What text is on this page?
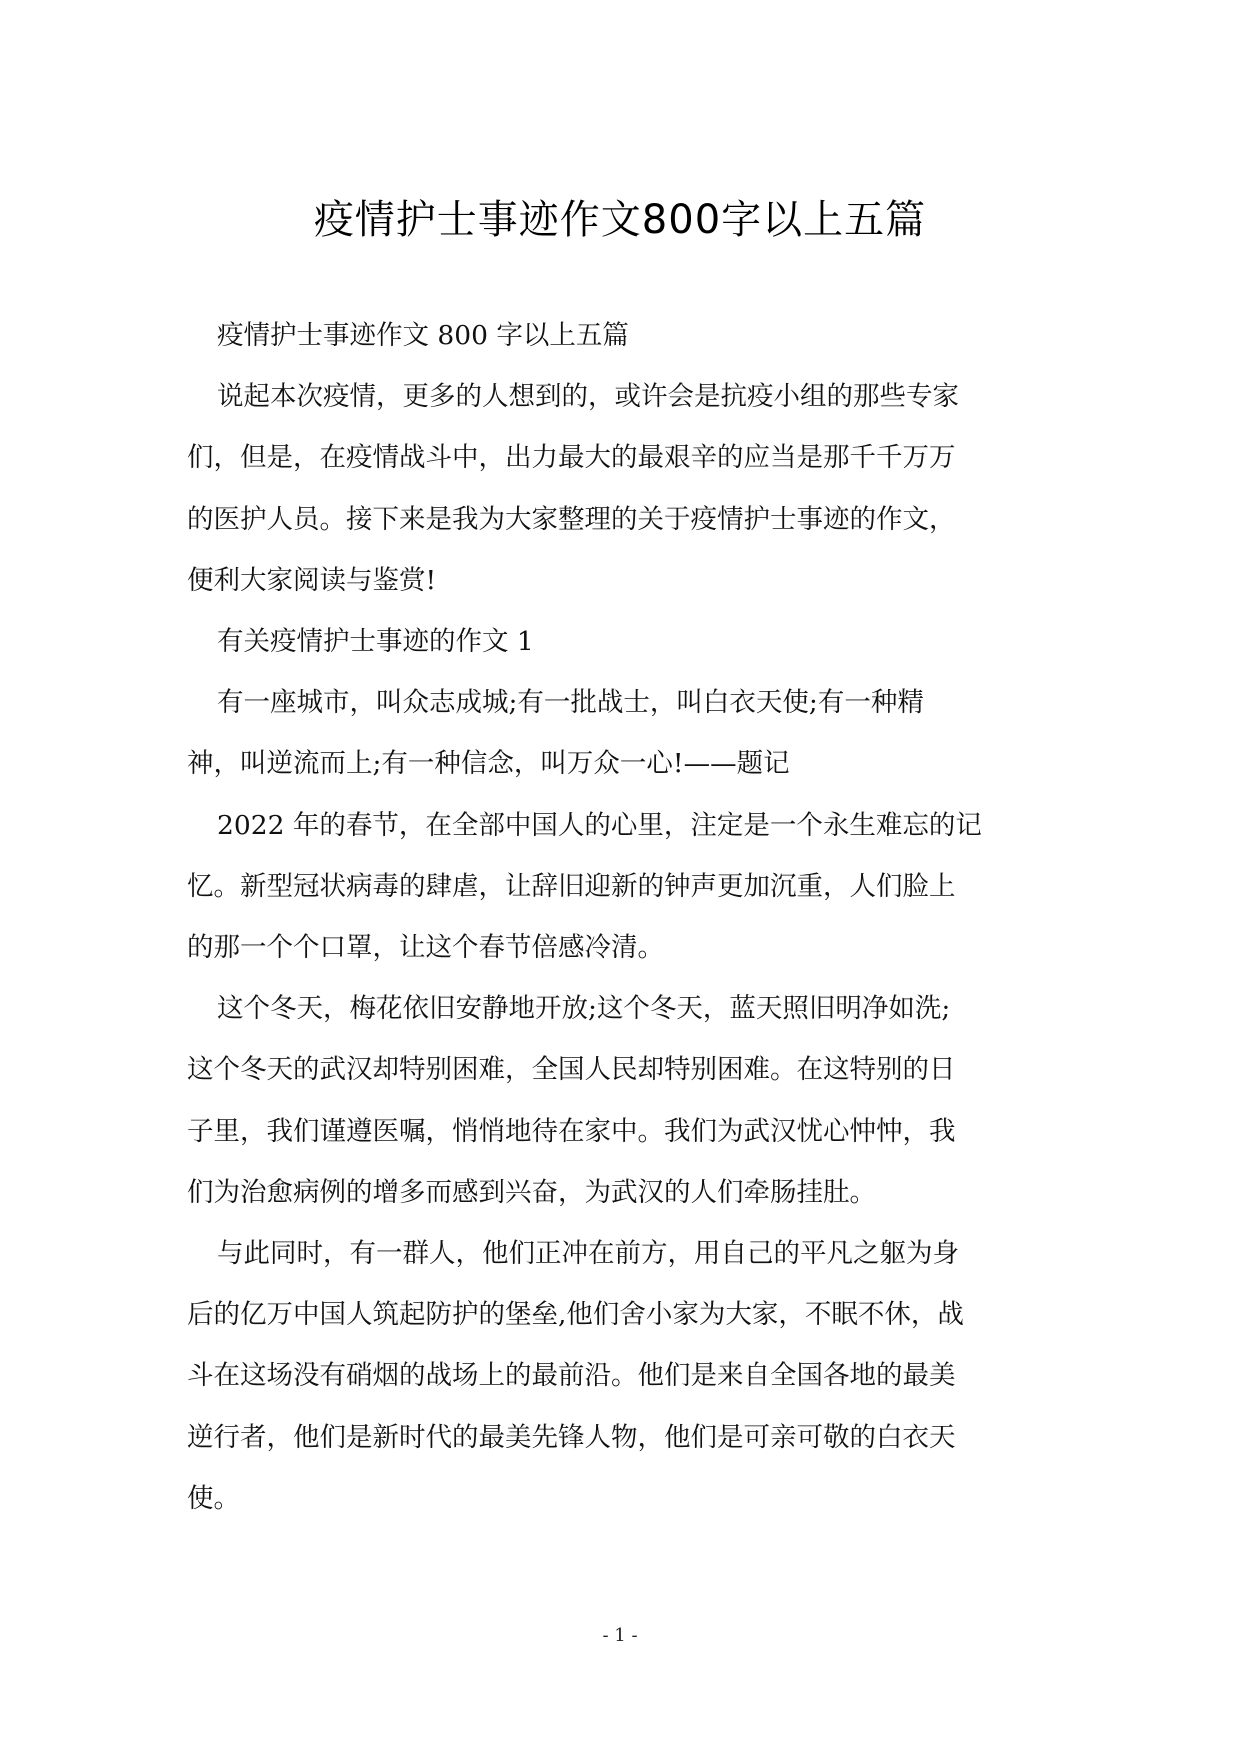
疫情护士事迹作文800字以上五篇
疫情护士事迹作文 800 字以上五篇
说起本次疫情，更多的人想到的，或许会是抗疫小组的那些专家
们，但是，在疫情战斗中，出力最大的最艰辛的应当是那千千万万
的医护人员。接下来是我为大家整理的关于疫情护士事迹的作文，
便利大家阅读与鉴赏!
有关疫情护士事迹的作文 1
有一座城市，叫众志成城;有一批战士，叫白衣天使;有一种精
神，叫逆流而上;有一种信念，叫万众一心!——题记
2022 年的春节，在全部中国人的心里，注定是一个永生难忘的记
忆。新型冠状病毒的肆虐，让辞旧迎新的钟声更加沉重，人们脸上
的那一个个口罩，让这个春节倍感冷清。
这个冬天，梅花依旧安静地开放;这个冬天，蓝天照旧明净如洗;
这个冬天的武汉却特别困难，全国人民却特别困难。在这特别的日
子里，我们谨遵医嘱，悄悄地待在家中。我们为武汉忧心忡忡，我
们为治愈病例的增多而感到兴奋，为武汉的人们牵肠挂肚。
与此同时，有一群人，他们正冲在前方，用自己的平凡之躯为身
后的亿万中国人筑起防护的堡垒,他们舍小家为大家，不眠不休，战
斗在这场没有硝烟的战场上的最前沿。他们是来自全国各地的最美
逆行者，他们是新时代的最美先锋人物，他们是可亲可敬的白衣天
使。
- 1 -
